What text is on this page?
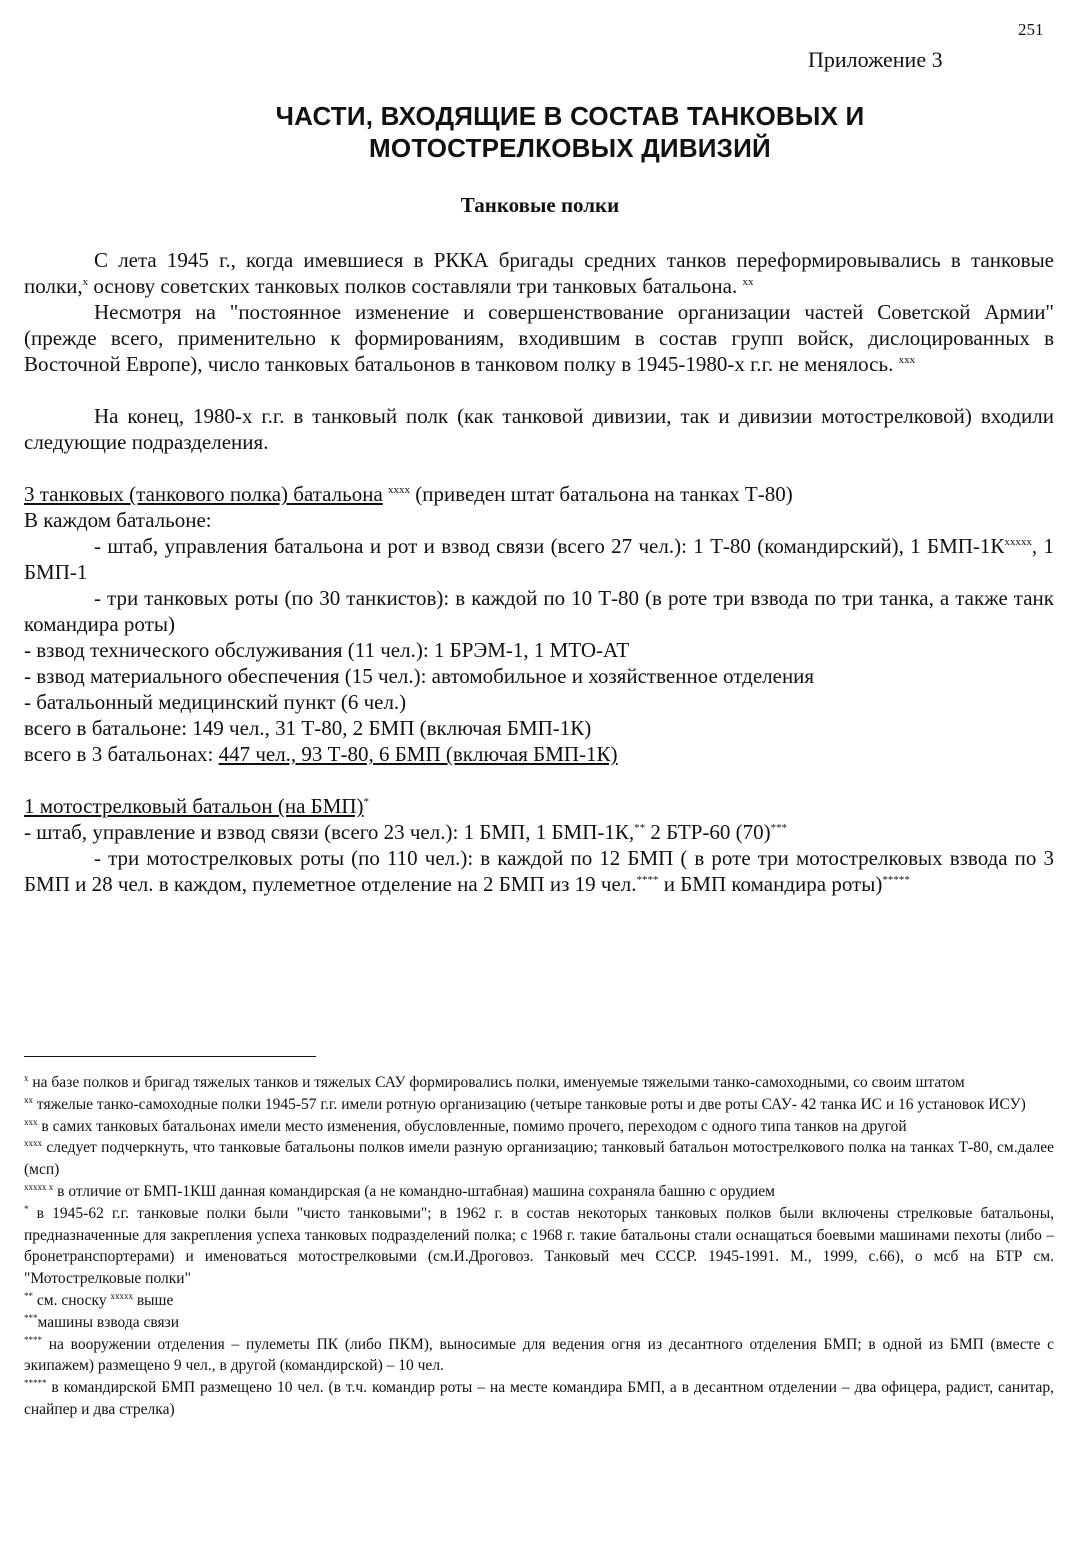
251
Приложение 3
ЧАСТИ, ВХОДЯЩИЕ В СОСТАВ ТАНКОВЫХ И
МОТОСТРЕЛКОВЫХ ДИВИЗИЙ
Танковые полки

С лета 1945 г., когда имевшиеся в РККА бригады средних танков переформировывались в танковые полки,$^x$ основу советских танковых полков составляли три танковых батальона. $^{xx}$

Несмотря на "постоянное изменение и совершенствование организации частей Советской Армии" (прежде всего, применительно к формированиям, входившим в состав групп войск, дислоцированных в Восточной Европе), число танковых батальонов в танковом полку в 1945-1980-х г.г. не менялось. $^{xxx}$

На конец, 1980-х г.г. в танковый полк (как танковой дивизии, так и дивизии мотострелковой) входили следующие подразделения.

3 танковых (танкового полка) батальона $^{xxxx}$ (приведен штат батальона на танках Т-80)

В каждом батальоне:

- штаб, управления батальона и рот и взвод связи (всего 27 чел.): 1 Т-80 (командирский), 1 БМП-$1К^{xxxxx}$, 1 БМП-1

- три танковых роты (по 30 танкистов): в каждой по 10 Т-80 (в роте три взвода по три танка, а также танк командира роты)

- взвод технического обслуживания (11 чел.): 1 БРЭМ-1, 1 МТО-АТ

- взвод материального обеспечения (15 чел.): автомобильное и хозяйственное отделения

- батальонный медицинский пункт (6 чел.)

всего в батальоне: 149 чел., 31 Т-80, 2 БМП (включая БМП-1К)

всего в 3 батальонах: 447 чел., 93 Т-80, 6 БМП (включая БМП-1К)

1 мотострелковый батальон (на БМП)*

- штаб, управление и взвод связи (всего 23 чел.): 1 БМП, 1 БМП-1К,** 2 БТР-60 (70)***

- три мотострелковых роты (по 110 чел.): в каждой по 12 БМП ( в роте три мотострелковых взвода по 3 БМП и 28 чел. в каждом, пулеметное отделение на 2 БМП из 19 чел.**** и БМП командира роты)*****

$^x$ на базе полков и бригад тяжелых танков и тяжелых САУ формировались полки, именуемые тяжелыми танко-самоходными, со своим штатом

$^{xx}$ тяжелые танко-самоходные полки 1945-57 г.г. имели ротную организацию (четыре танковые роты и две роты САУ- 42 танка ИС и 16 установок ИСУ)

$^{xxx}$ в самих танковых батальонах имели место изменения, обусловленные, помимо прочего, переходом с одного типа танков на другой

$^{xxxx}$ следует подчеркнуть, что танковые батальоны полков имели разную организацию; танковый батальон мотострелкового полка на танках Т-80, см.далее (мсп)

$^{xxxxx x}$ в отличие от БМП-1КШ данная командирская (а не командно-штабная) машина сохраняла башню с орудием

* в 1945-62 г.г. танковые полки были "чисто танковыми"; в 1962 г. в состав некоторых танковых полков были включены стрелковые батальоны, предназначенные для закрепления успеха танковых подразделений полка; с 1968 г. такие батальоны стали оснащаться боевыми машинами пехоты (либо – бронетранспортерами) и именоваться мотострелковыми (см.И.Дроговоз. Танковый меч СССР. 1945-1991. М., 1999, с.66), о мсб на БТР см. "Мотострелковые полки"

** см. сноску $^{xxxxx}$ выше

***машины взвода связи

**** на вооружении отделения – пулеметы ПК (либо ПКМ), выносимые для ведения огня из десантного отделения БМП; в одной из БМП (вместе с экипажем) размещено 9 чел., в другой (командирской) – 10 чел.

***** в командирской БМП размещено 10 чел. (в т.ч. командир роты – на месте командира БМП, а в десантном отделении – два офицера, радист, санитар, снайпер и два стрелка)
